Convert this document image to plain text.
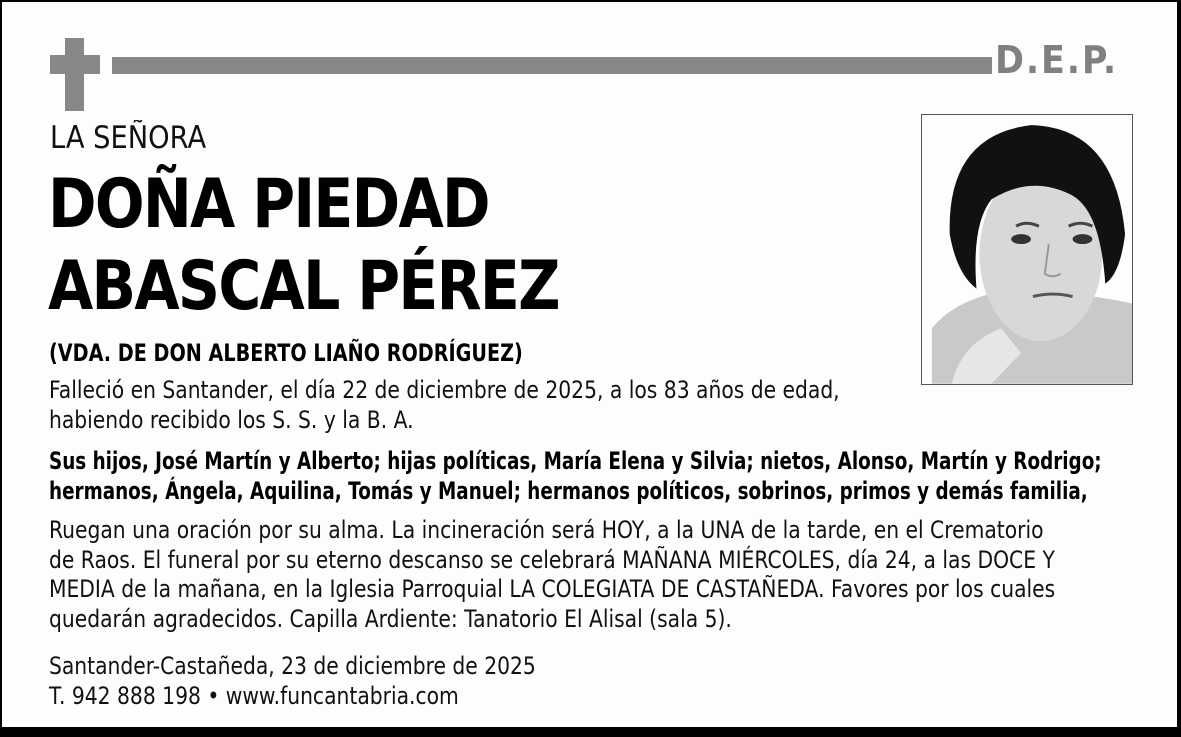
D.E.P.
LA SEÑORA
DOÑA PIEDAD
ABASCAL PÉREZ
(VDA. DE DON ALBERTO LIAÑO RODRÍGUEZ)
Falleció en Santander, el día 22 de diciembre de 2025, a los 83 años de edad,
habiendo recibido los S. S. y la B. A.
Sus hijos, José Martín y Alberto; hijas políticas, María Elena y Silvia; nietos, Alonso, Martín y Rodrigo;
hermanos, Ángela, Aquilina, Tomás y Manuel; hermanos políticos, sobrinos, primos y demás familia,
Ruegan una oración por su alma. La incineración será HOY, a la UNA de la tarde, en el Crematorio
de Raos. El funeral por su eterno descanso se celebrará MAÑANA MIÉRCOLES, día 24, a las DOCE Y
MEDIA de la mañana, en la Iglesia Parroquial LA COLEGIATA DE CASTAÑEDA. Favores por los cuales
quedarán agradecidos. Capilla Ardiente: Tanatorio El Alisal (sala 5).
Santander-Castañeda, 23 de diciembre de 2025
T. 942 888 198 • www.funcantabria.com
